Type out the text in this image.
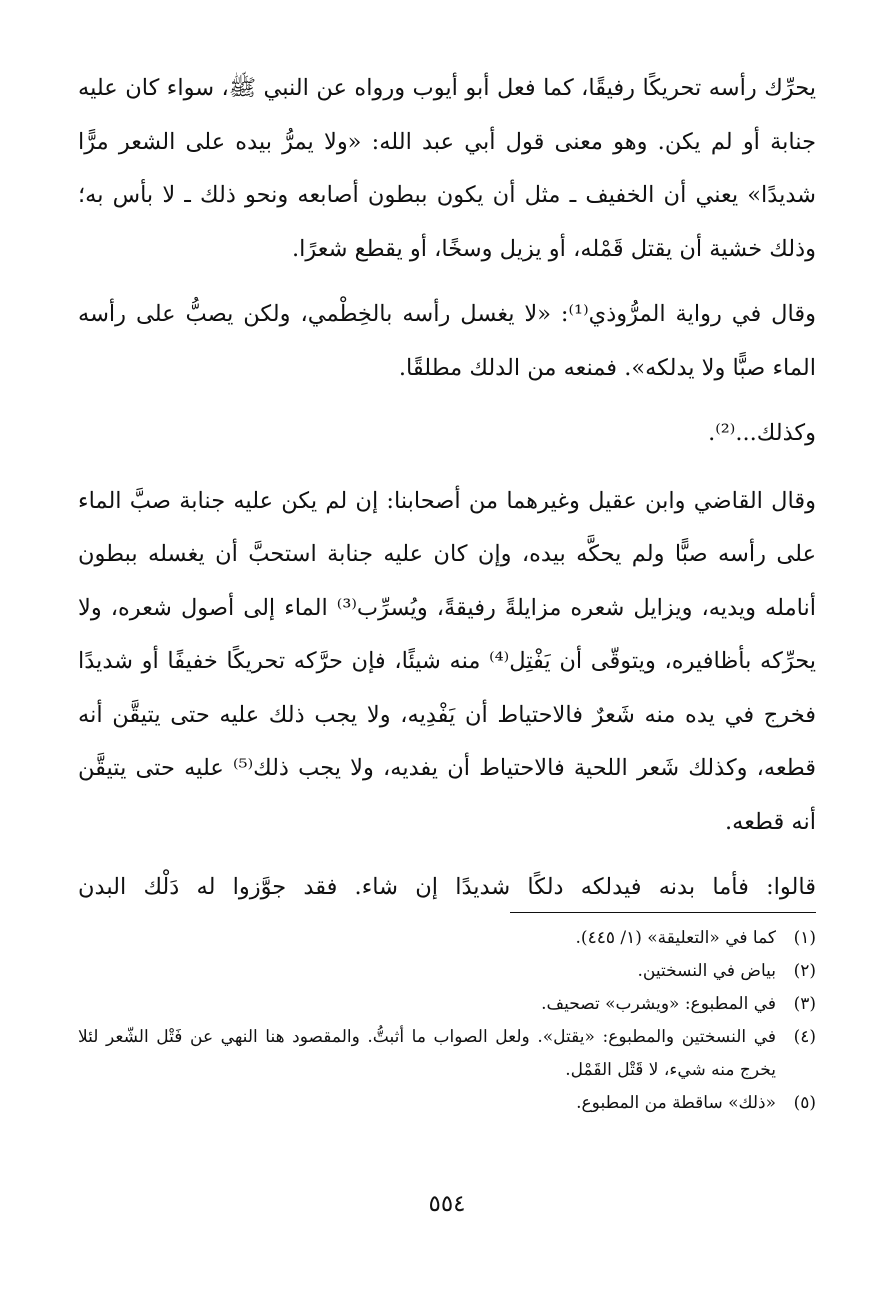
يحرِّك رأسه تحريكًا رفيقًا، كما فعل أبو أيوب ورواه عن النبي ﷺ، سواء كان عليه جنابة أو لم يكن. وهو معنى قول أبي عبد الله: «ولا يمرُّ بيده على الشعر مرًّا شديدًا» يعني أن الخفيف ـ مثل أن يكون ببطون أصابعه ونحو ذلك ـ لا بأس به؛ وذلك خشية أن يقتل قَمْله، أو يزيل وسخًا، أو يقطع شعرًا.

وقال في رواية المرُّوذي⁽¹⁾: «لا يغسل رأسه بالخِطْمي، ولكن يصبُّ على رأسه الماء صبًّا ولا يدلكه». فمنعه من الدلك مطلقًا.

وكذلك...⁽²⁾.

وقال القاضي وابن عقيل وغيرهما من أصحابنا: إن لم يكن عليه جنابة صبَّ الماء على رأسه صبًّا ولم يحكَّه بيده، وإن كان عليه جنابة استحبَّ أن يغسله ببطون أنامله ويديه، ويزايل شعره مزايلةً رفيقةً، ويُسرِّب⁽³⁾ الماء إلى أصول شعره، ولا يحرِّكه بأظافيره، ويتوقّى أن يَفْتِل⁽⁴⁾ منه شيئًا، فإن حرَّكه تحريكًا خفيفًا أو شديدًا فخرج في يده منه شَعرٌ فالاحتياط أن يَفْدِيه، ولا يجب ذلك عليه حتى يتيقَّن أنه قطعه، وكذلك شَعر اللحية فالاحتياط أن يفديه، ولا يجب ذلك⁽⁵⁾ عليه حتى يتيقَّن أنه قطعه.

قالوا: فأما بدنه فيدلكه دلكًا شديدًا إن شاء. فقد جوَّزوا له دَلْك البدن

(١)
كما في «التعليقة» (١/ ٤٤٥).
(٢)
بياض في النسختين.
(٣)
في المطبوع: «ويشرب» تصحيف.
(٤)
في النسختين والمطبوع: «يقتل». ولعل الصواب ما أثبتُّ. والمقصود هنا النهي عن فَتْل الشّعر لئلا يخرج منه شيء، لا قَتْل القَمْل.
(٥)
«ذلك» ساقطة من المطبوع.
٥٥٤
